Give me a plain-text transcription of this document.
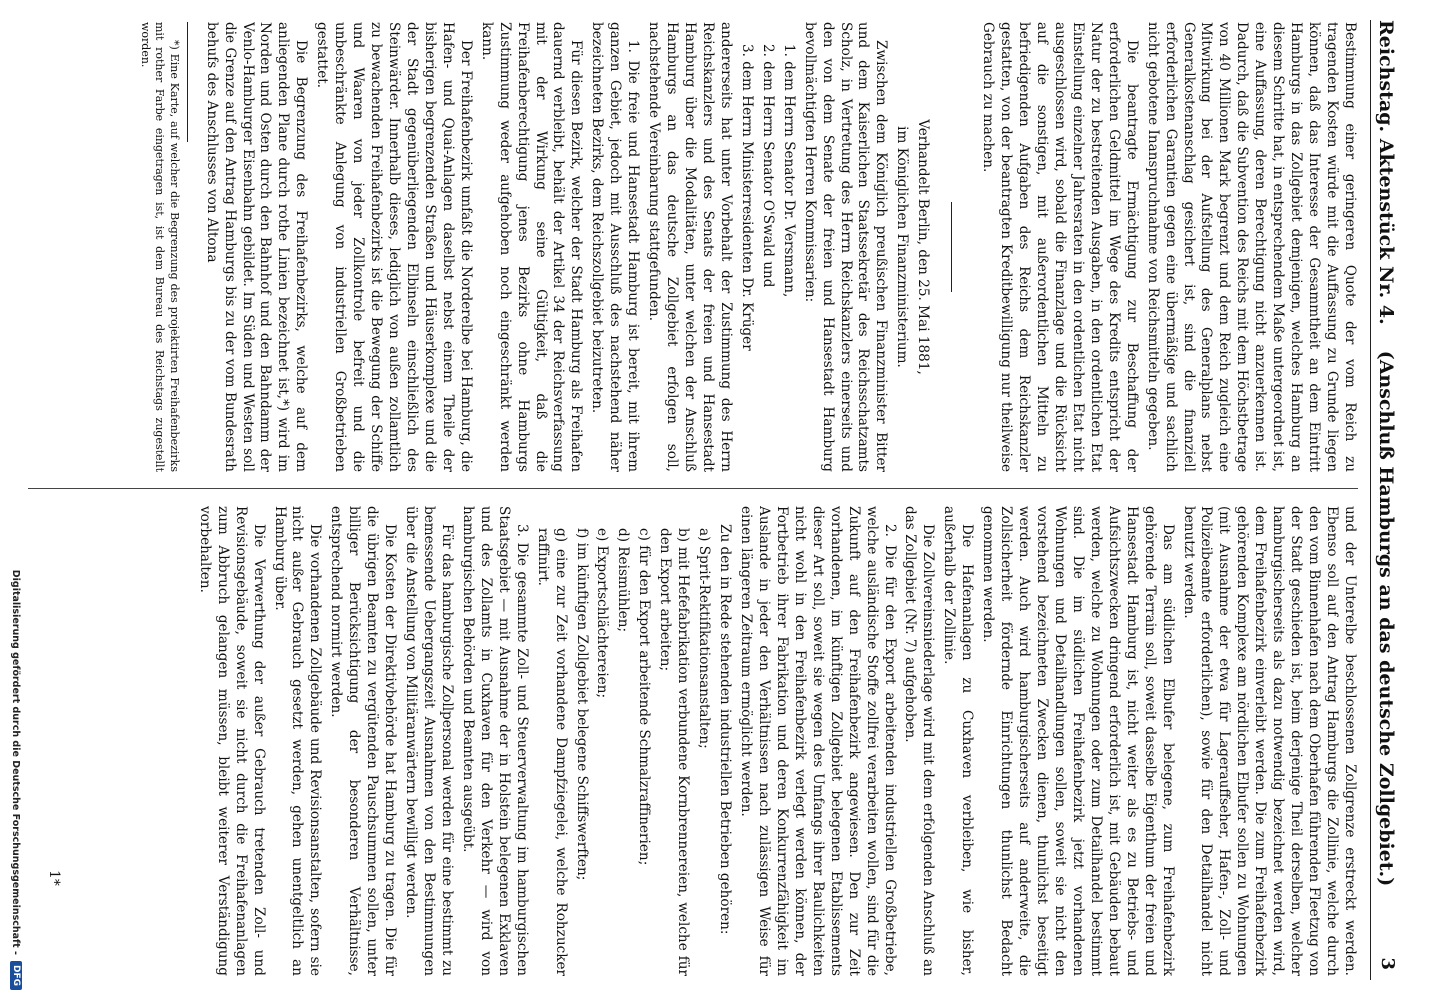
Reichstag. Aktenstück Nr. 4.
(Anschluß Hamburgs an das deutsche Zollgebiet.)
3

Bestimmung einer geringeren Quote der vom Reich zu tragenden Kosten würde mit die Auffassung zu Grunde liegen können, daß das Interesse der Gesammtheit an dem Eintritt Hamburgs in das Zollgebiet demjenigen, welches Hamburg an diesem Schritte hat, in entsprechendem Maße untergeordnet ist, eine Auffassung, deren Berechtigung nicht anzuerkennen ist. Dadurch, daß die Subvention des Reichs mit dem Höchstbetrage von 40 Millionen Mark begrenzt und dem Reich zugleich eine Mitwirkung bei der Aufstellung des Generalplans nebst Generalkostenanschlag gesichert ist, sind die finanziell erforderlichen Garantien gegen eine übermäßige und sachlich nicht gebotene Inanspruchnahme von Reichsmitteln gegeben.

Die beantragte Ermächtigung zur Beschaffung der erforderlichen Geldmittel im Wege des Kredits entspricht der Natur der zu bestreitenden Ausgaben, in den ordentlichen Etat Einstellung einzelner Jahresraten in den ordentlichen Etat nicht ausgeschlossen wird, sobald die Finanzlage und die Rücksicht auf die sonstigen, mit außerordentlichen Mitteln zu befriedigenden Aufgaben des Reichs dem Reichskanzler gestatten, von der beantragten Kreditbewilligung nur theilweise Gebrauch zu machen.

Verhandelt Berlin, den 25. Mai 1881,

im Königlichen Finanzministerium.

Zwischen dem Königlich preußischen Finanzminister Bitter und dem Kaiserlichen Staatssekretär des Reichsschatzamts Scholz, in Vertretung des Herrn Reichskanzlers einerseits und den von dem Senate der freien und Hansestadt Hamburg bevollmächtigten Herren Kommissarien:

1. dem Herrn Senator Dr. Versmann,

2. dem Herrn Senator O'Swald und

3. dem Herrn Ministerresidenten Dr. Krüger

andererseits hat unter Vorbehalt der Zustimmung des Herrn Reichskanzlers und des Senats der freien und Hansestadt Hamburg über die Modalitäten, unter welchen der Anschluß Hamburgs an das deutsche Zollgebiet erfolgen soll, nachstehende Vereinbarung stattgefunden.

1. Die freie und Hansestadt Hamburg ist bereit, mit ihrem ganzen Gebiet, jedoch mit Ausschluß des nachstehend näher bezeichneten Bezirks, dem Reichszollgebiet beizutreten.

Für diesen Bezirk, welcher der Stadt Hamburg als Freihafen dauernd verbleibt, behält der Artikel 34 der Reichsverfassung mit der Wirkung seine Gültigkeit, daß die Freihafenberechtigung jenes Bezirks ohne Hamburgs Zustimmung weder aufgehoben noch eingeschränkt werden kann.

Der Freihafenbezirk umfaßt die Norderelbe bei Hamburg, die Hafen- und Quai-Anlagen daselbst nebst einem Theile der bisherigen begrenzenden Straßen und Häuserkomplexe und die der Stadt gegenüberliegenden Elbinseln einschließlich des Steinwärder. Innerhalb dieses, lediglich von außen zollamtlich zu bewachenden Freihafenbezirks ist die Bewegung der Schiffe und Waaren von jeder Zollkontrole befreit und die unbeschränkte Anlegung von industriellen Großbetrieben gestattet.

Die Begrenzung des Freihafenbezirks, welche auf dem anliegenden Plane durch rothe Linien bezeichnet ist,*) wird im Norden und Osten durch den Bahnhof und den Bahndamm der Venlo-Hamburger Eisenbahn gebildet. Im Süden und Westen soll die Grenze auf den Antrag Hamburgs bis zu der vom Bundesrath behufs des Anschlusses von Altona

*) Eine Karte, auf welcher die Begrenzung des projektirten Freihafenbezirks mit rother Farbe eingetragen ist, ist dem Bureau des Reichstags zugestellt worden.

und der Unterelbe beschlossenen Zollgrenze erstreckt werden. Ebenso soll auf den Antrag Hamburgs die Zollinie, welche durch den vom Binnenhafen nach dem Oberhafen führenden Fleetzug von der Stadt geschieden ist, beim derjenige Theil derselben, welcher hamburgischerseits als dazu notwendig bezeichnet werden wird, dem Freihafenbezirk einverleibt werden. Die zum Freihafenbezirk gehörenden Komplexe am nördlichen Elbufer sollen zu Wohnungen (mit Ausnahme der etwa für Lagerauffseher, Hafen-, Zoll- und Polizeibeamte erforderlichen), sowie für den Detailhandel nicht benutzt werden.

Das am südlichen Elbufer belegene, zum Freihafenbezirk gehörende Terrain soll, soweit dasselbe Eigenthum der freien und Hansestadt Hamburg ist, nicht weiter als es zu Betriebs- und Aufsichtszwecken dringend erforderlich ist, mit Gebäuden bebaut werden, welche zu Wohnungen oder zum Detailhandel bestimmt sind. Die im südlichen Freihafenbezirk jetzt vorhandenen Wohnungen und Detailhandlungen sollen, soweit sie nicht den vorstehend bezeichneten Zwecken dienen, thunlichst beseitigt werden. Auch wird hamburgischerseits auf anderweite, die Zollsicherheit fördernde Einrichtungen thunlichst Bedacht genommen werden.

Die Hafenanlagen zu Cuxhaven verbleiben, wie bisher, außerhalb der Zollinie.

Die Zollvereinsniederlage wird mit dem erfolgenden Anschluß an das Zollgebiet (Nr. 7) aufgehoben.

2. Die für den Export arbeitenden industriellen Großbetriebe, welche ausländische Stoffe zollfrei verarbeiten wollen, sind für die Zukunft auf den Freihafenbezirk angewiesen. Den zur Zeit vorhandenen, im künftigen Zollgebiet belegenen Etablissements dieser Art soll, soweit sie wegen des Umfangs ihrer Baulichkeiten nicht wohl in den Freihafenbezirk verlegt werden können, der Fortbetrieb ihrer Fabrikation und deren Konkurrenzfähigkeit im Auslande in jeder den Verhältnissen nach zulässigen Weise für einen längeren Zeitraum ermöglicht werden.

Zu den in Rede stehenden industriellen Betrieben gehören:

a) Sprit-Rektifikationsanstalten;

b) mit Hefefabrikation verbundene Kornbrennereien, welche für den Export arbeiten;

c) für den Export arbeitende Schmalzraffinerien;

d) Reismühlen;

e) Exportschlächtereien;

f) im künftigen Zollgebiet belegene Schiffswerften;

g) eine zur Zeit vorhandene Dampfziegelei, welche Rohzucker raffinirt.

3. Die gesammte Zoll- und Steuerverwaltung im hamburgischen Staatsgebiet — mit Ausnahme der in Holstein belegenen Exklaven und des Zollamts in Cuxhaven für den Verkehr — wird von hamburgischen Behörden und Beamten ausgeübt.

Für das hamburgische Zollpersonal werden für eine bestimmt zu bemessende Uebergangszeit Ausnahmen von den Bestimmungen über die Anstellung von Militäranwärtern bewilligt werden.

Die Kosten der Direktivbehörde hat Hamburg zu tragen. Die für die übrigen Beamten zu vergütenden Pauschsummen sollen, unter billiger Berücksichtigung der besonderen Verhältnisse, entsprechend normirt werden.

Die vorhandenen Zollgebäude und Revisionsanstalten, sofern sie nicht außer Gebrauch gesetzt werden, gehen unentgeltlich an Hamburg über.

Die Verwerthung der außer Gebrauch tretenden Zoll- und Revisionsgebäude, soweit sie nicht durch die Freihafenanlagen zum Abbruch gelangen müssen, bleibt weiterer Verständigung vorbehalten.

1*
Digitalisierung gefördert durch die Deutsche Forschungsgemeinschaft -
DFG
